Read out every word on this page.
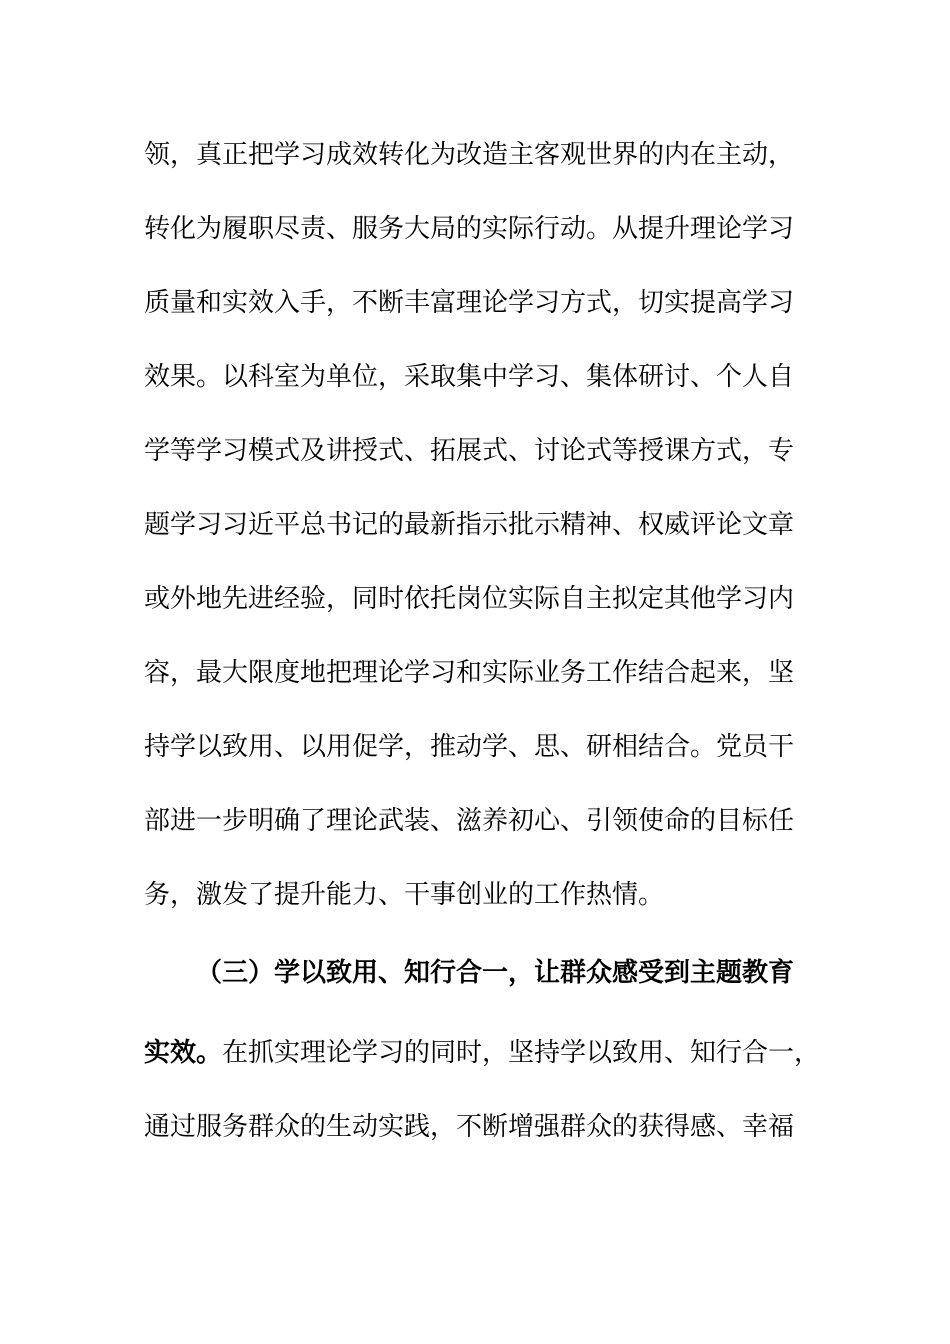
领，真正把学习成效转化为改造主客观世界的内在主动，
转化为履职尽责、服务大局的实际行动。从提升理论学习
质量和实效入手，不断丰富理论学习方式，切实提高学习
效果。以科室为单位，采取集中学习、集体研讨、个人自
学等学习模式及讲授式、拓展式、讨论式等授课方式，专
题学习习近平总书记的最新指示批示精神、权威评论文章
或外地先进经验，同时依托岗位实际自主拟定其他学习内
容，最大限度地把理论学习和实际业务工作结合起来，坚
持学以致用、以用促学，推动学、思、研相结合。党员干
部进一步明确了理论武装、滋养初心、引领使命的目标任
务，激发了提升能力、干事创业的工作热情。
（三）学以致用、知行合一，让群众感受到主题教育
实效。在抓实理论学习的同时，坚持学以致用、知行合一，
通过服务群众的生动实践，不断增强群众的获得感、幸福
